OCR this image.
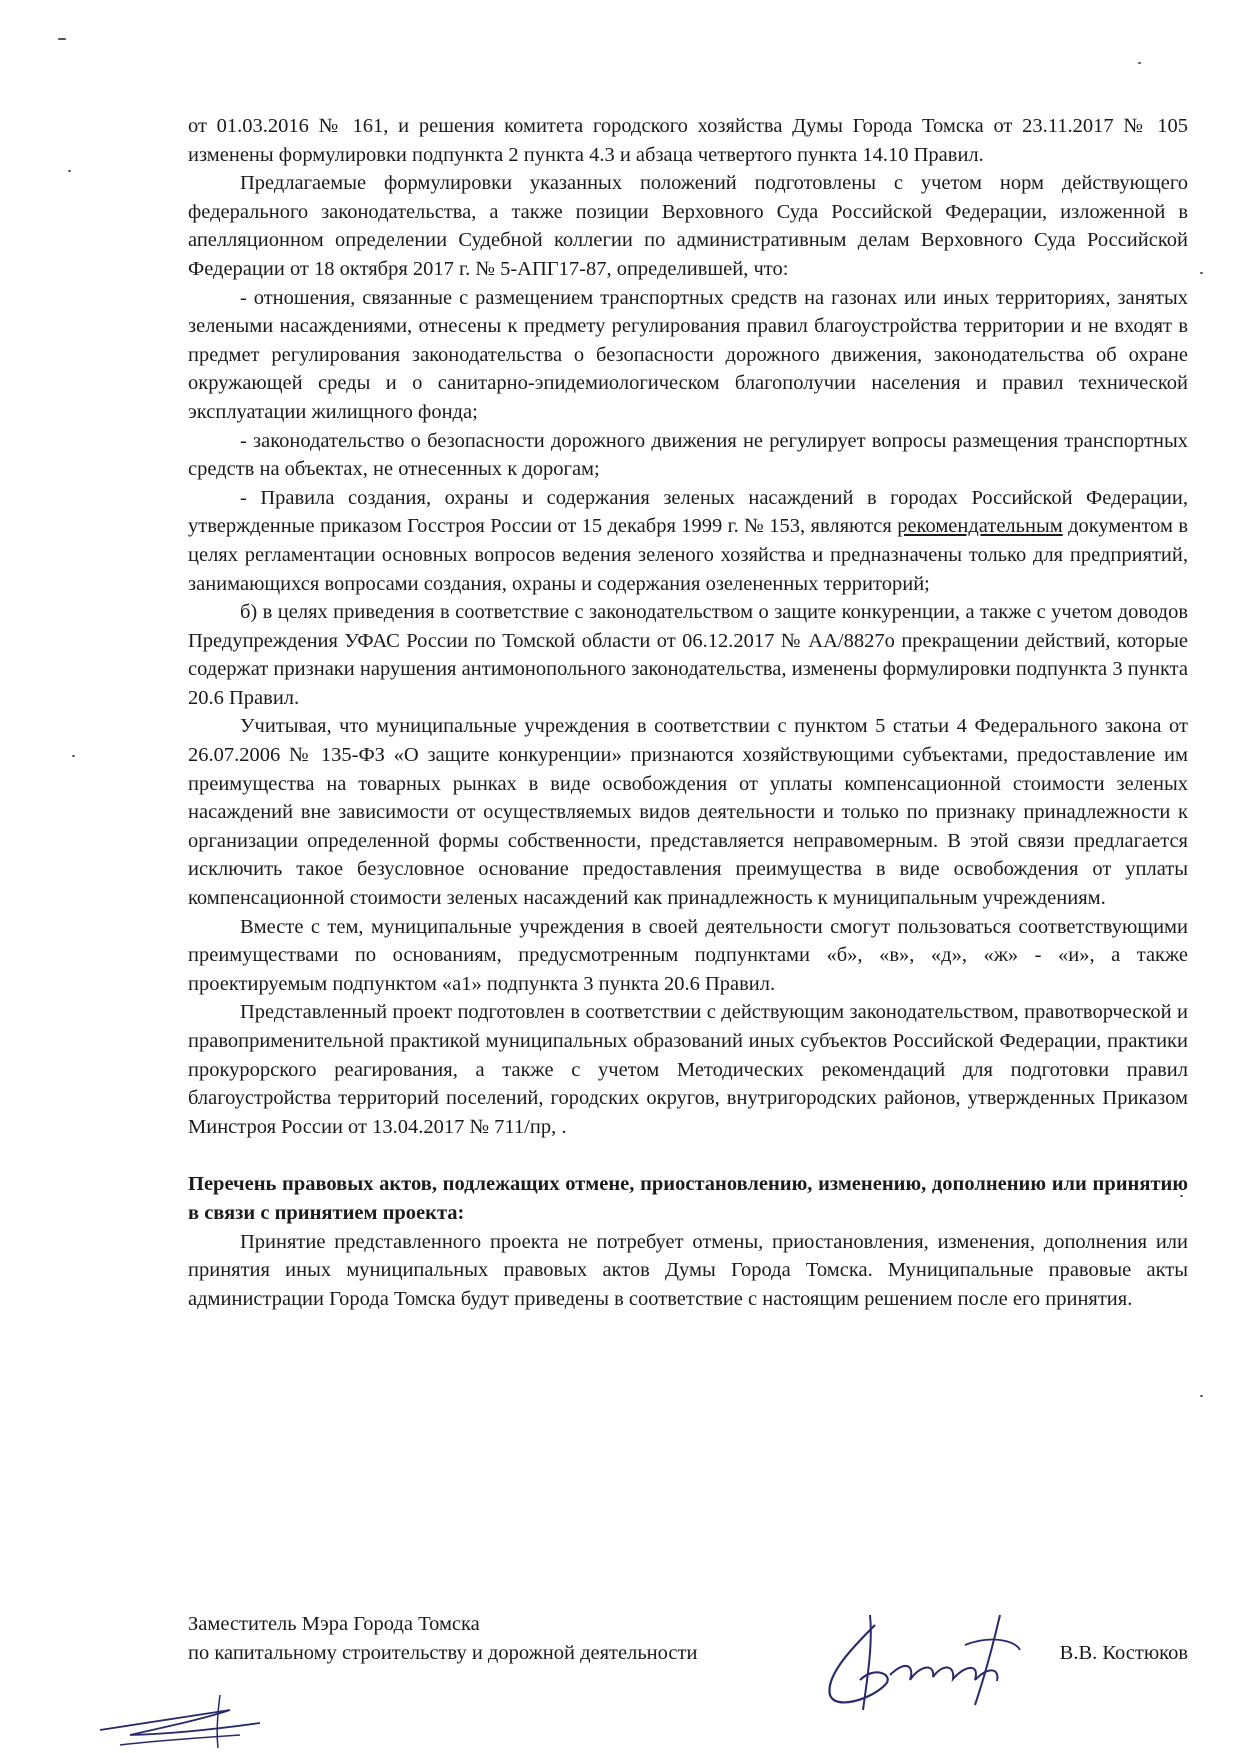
от 01.03.2016 № 161, и решения комитета городского хозяйства Думы Города Томска от 23.11.2017 № 105 изменены формулировки подпункта 2 пункта 4.3 и абзаца четвертого пункта 14.10 Правил.

Предлагаемые формулировки указанных положений подготовлены с учетом норм действующего федерального законодательства, а также позиции Верховного Суда Российской Федерации, изложенной в апелляционном определении Судебной коллегии по административным делам Верховного Суда Российской Федерации от 18 октября 2017 г. № 5-АПГ17-87, определившей, что:

- отношения, связанные с размещением транспортных средств на газонах или иных территориях, занятых зелеными насаждениями, отнесены к предмету регулирования правил благоустройства территории и не входят в предмет регулирования законодательства о безопасности дорожного движения, законодательства об охране окружающей среды и о санитарно-эпидемиологическом благополучии населения и правил технической эксплуатации жилищного фонда;

- законодательство о безопасности дорожного движения не регулирует вопросы размещения транспортных средств на объектах, не отнесенных к дорогам;

- Правила создания, охраны и содержания зеленых насаждений в городах Российской Федерации, утвержденные приказом Госстроя России от 15 декабря 1999 г. № 153, являются рекомендательным документом в целях регламентации основных вопросов ведения зеленого хозяйства и предназначены только для предприятий, занимающихся вопросами создания, охраны и содержания озелененных территорий;

б) в целях приведения в соответствие с законодательством о защите конкуренции, а также с учетом доводов Предупреждения УФАС России по Томской области от 06.12.2017 № АА/8827о прекращении действий, которые содержат признаки нарушения антимонопольного законодательства, изменены формулировки подпункта 3 пункта 20.6 Правил.

Учитывая, что муниципальные учреждения в соответствии с пунктом 5 статьи 4 Федерального закона от 26.07.2006 № 135-ФЗ «О защите конкуренции» признаются хозяйствующими субъектами, предоставление им преимущества на товарных рынках в виде освобождения от уплаты компенсационной стоимости зеленых насаждений вне зависимости от осуществляемых видов деятельности и только по признаку принадлежности к организации определенной формы собственности, представляется неправомерным. В этой связи предлагается исключить такое безусловное основание предоставления преимущества в виде освобождения от уплаты компенсационной стоимости зеленых насаждений как принадлежность к муниципальным учреждениям.

Вместе с тем, муниципальные учреждения в своей деятельности смогут пользоваться соответствующими преимуществами по основаниям, предусмотренным подпунктами «б», «в», «д», «ж» - «и», а также проектируемым подпунктом «а1» подпункта 3 пункта 20.6 Правил.

Представленный проект подготовлен в соответствии с действующим законодательством, правотворческой и правоприменительной практикой муниципальных образований иных субъектов Российской Федерации, практики прокурорского реагирования, а также с учетом Методических рекомендаций для подготовки правил благоустройства территорий поселений, городских округов, внутригородских районов, утвержденных Приказом Минстроя России от 13.04.2017 № 711/пр, .

Перечень правовых актов, подлежащих отмене, приостановлению, изменению, дополнению или принятию в связи с принятием проекта:

Принятие представленного проекта не потребует отмены, приостановления, изменения, дополнения или принятия иных муниципальных правовых актов Думы Города Томска. Муниципальные правовые акты администрации Города Томска будут приведены в соответствие с настоящим решением после его принятия.

Заместитель Мэра Города Томска
по капитальному строительству и дорожной деятельности	В.В. Костюков
